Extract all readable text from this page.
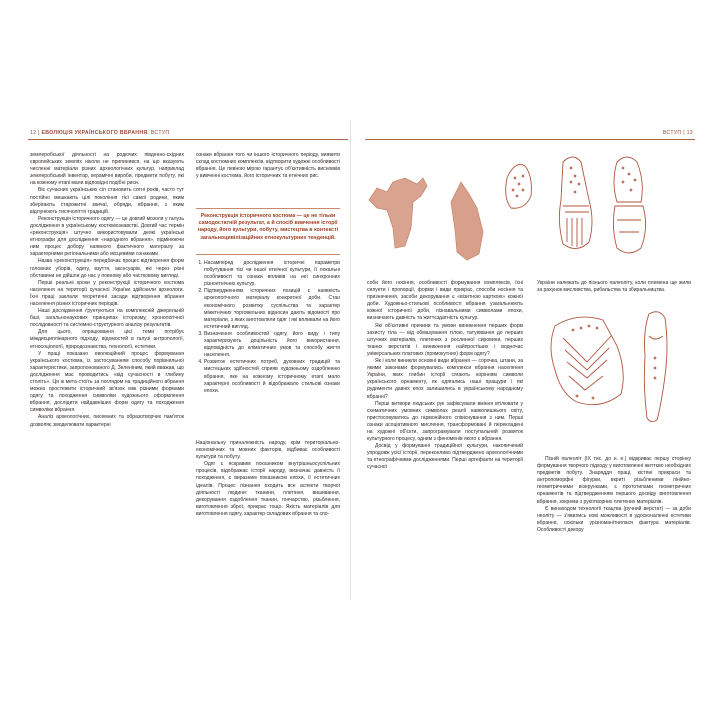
12 | ЕВОЛЮЦІЯ УКРАЇНСЬКОГО ВБРАННЯ. ВСТУП

землеробської діяльності на родючих південно-східних європейських землях ніколи не припинявся, на що вказують численні матеріали різних археологічних культур, наприклад землеробський інвентар, керамічні вироби, предмети побуту, які на кожному етапі мали відповідні подібні риси.

Віє сучасних українських сіл становить сотні років, часто тут постійно мешкають цілі покоління тієї самої родини, яким зберігають старожитні звичаї, обряди, вбрання, з яким відлунюють тисячоліття традицій.

Реконструкція історичного одягу — це довгий мозоля у галузь дослідження в українському костюмознавстві. Довгий час термін «реконструкція» штучно використовували деякі українські етнографи для дослідження «народного вбрання», підмінюючи ним процес добору наявного фактичного матеріалу за характерними регіональними або місцевими ознаками.

Назва «реконструкція» передбачає процес відтворення форм головних уборів, одягу, взуття, аксесуарів, які через різні обставини не дійшли до нас у повному або частковому вигляді.

Перші реальні кроки у реконструкції історичного костюма населення на території сучасної України здійснили археологи. Їхні праці заклали теоретичні засади відтворення вбрання населення різних історичних періодів.

Наші дослідження ґрунтуються на комплексній джерельній базі, загальнонаукових принципах історизму, хронологічної послідовності та системно-структурного аналізу результатів.

Для цього, опрацювання цієї теми потрібує міждисциплінарного підходу, відомостей в галузі антропології, етносоціології, природознавства, технології, естетики.

У праці показано еволюційний процес формування українського костюма, із застосуванням способу порівняльної характеристики, запропонованого Д. Зеленіним, який вважав, що дослідження має проводитись «від сучасності в глибину століть». Ця ж мета стоїть за поглядом на традиційного вбрання можна простежити історичний зв'язок між різними формами одягу та походження символіки художнього оформлення вбрання, дослідити найдавніших форм одягу та походження символіки вбрання.

Аналіз археологічних, писемних та образотворчих пам'яток дозволяє змоделювати характерні

ознаки вбрання того чи іншого історичного періоду, виявити склад костюмних комплексів, відтворити художні особливості вбрання. Це певною мірою гарантує об'єктивність висновків у вивченні костюма, його історичних та етнічних рис.

Реконструкція історичного костюма — це не тільки самодостатній результат, а й спосіб вивчення історії народу, його культури, побуту, мистецтва в контексті загальноцивілізаційних етнокультурних тенденцій.
1. Насамперед дослідження історичні параметри побутування тієї чи іншої етнічної культури, її локальні особливості та ознаки впливів на неї синхронних різноетнічних культур.
2. Підтвердженням історичних позицій є наявність археологічного матеріалу конкретної доби. Стан економічного розвитку суспільства та характер міжетнічних торговельних відносин дають відомості про матеріали, з яких виготовляли одяг і які впливали на його естетичний вигляд.
3. Визначення особливостей одягу, його виду і типу характеризують доцільність його використання, відповідність до кліматичних умов та способу життя населення.
4. Розвиток естетичних потреб, духовних традицій та мистецьких здібностей сприяв художньому оздобленню вбрання, яке на кожному історичному етапі мало характерні особливості й відображало стильові ознаки епохи.

Національну приналежність народу, крім територіально-економічних та мовних факторів, відбиває особливості культури та побуту.

Одяг є яскравим показником внутрішньосуспільних процесів, відображає історії народу, визначає давність її походження, є виразним показником епохи, її естетичних ідеалів. Процес пізнання оходить все аспекти творчої діяльності людини: тканини, плетіння, вишивання, декорування оздоблення тканин, гончарство, різьблення, виготовлення зброї, прикрас тощо. Якість матеріалів для виготовлення одягу, характер складових вбрання та спо-

ВСТУП | 13

соби його носіння, особливості формування комплексів, їхні силуети і пропорції, форми і види прикрас, способи носіння та призначення, засоби декорування є «візитною карткою» кожної доби. Художньо-стильові особливості вбрання узагальнюють кожної історичної доби, пізнавальними символами епохи, визначають давність та життєздатність культур.

Які об'єктивні причини та умови виникнення перших форм захисту тіла — від обмазування тілою, татуювання до перших штучних матеріалів, плетених з рослинної сировини, перших тканих верстатів і виникнення найпростіших і водночас універсальних платових (прямокутних) форм одягу?

Як і коли виникли основні види вбрання — сорочка, штани, за якими законами формувались комплекси вбрання населення України, яких глибин історії сягають корінням символи українського орнаменту, як одягались наші пращури і які рудименти давніх епох залишились в українському народному вбранні?

Перші витвори людських рук зафіксували вміння втілювати у схематичних умовних символах реалії навколишнього світу, пристосовуватись до гармонійного співіснування з ним. Перші ознаки асоціативного мислення, трансформовані й перекладені на художні об'єкти, запрограмували поступальний розвиток культурного процесу, одним з феноменів якого є вбрання.

Досвід у формуванні традиційної культури, накопичений упродовж усієї історії, переконливо підтверджено археологічними та етнографічними дослідженнями. Перші артефакти на території сучасної

України належать до пізнього палеоліту, коли племена ще жили за рахунок мисливства, рибальства та збиральництва.

Пізній палеоліт (IX тис. до н. е.) відкриває першу сторінку формування творчого підходу у виготовленні життєво необхідних предметів побуту. Знаряддя праці, кістяні прикраси та антропоморфні фігурки, вкриті різьбленими лінійно-геометричними візерунками, є прототипами геометричних орнаментів та підтвердженням першого досвіду виготовлення вбрання, зокрема з рукотворних плетених матеріалів.

Є винаходом технології ткацтва (ручний верстат) — за доби неоліту — з'явились нові можливості в удосконаленні естетики вбрання, оскільки урізноманітнилася фактура матеріалів. Особливості декору
